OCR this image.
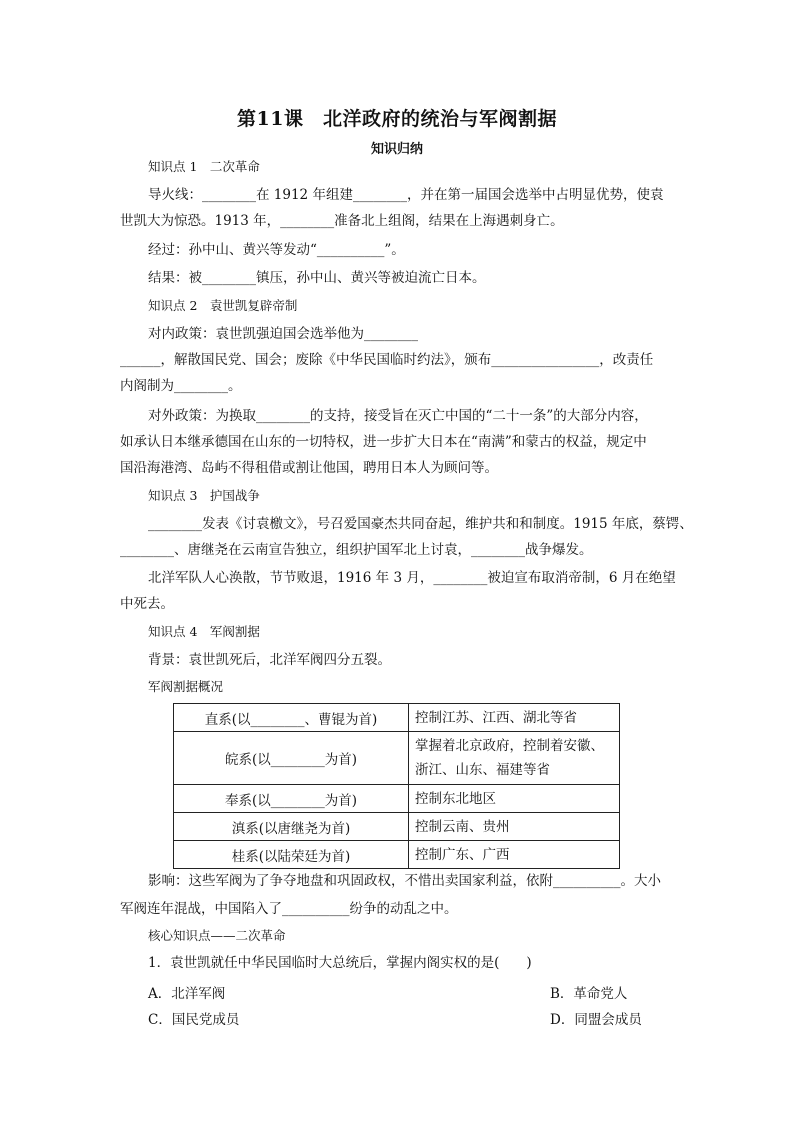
第11课　北洋政府的统治与军阀割据
知识归纳
知识点 1　二次革命
导火线：________在 1912 年组建________，并在第一届国会选举中占明显优势，使袁
世凯大为惊恐。1913 年，________准备北上组阁，结果在上海遇刺身亡。
经过：孙中山、黄兴等发动“__________”。
结果：被________镇压，孙中山、黄兴等被迫流亡日本。
知识点 2　袁世凯复辟帝制
对内政策：袁世凯强迫国会选举他为________
______，解散国民党、国会；废除《中华民国临时约法》，颁布________________，改责任
内阁制为________。
对外政策：为换取________的支持，接受旨在灭亡中国的“二十一条”的大部分内容，
如承认日本继承德国在山东的一切特权，进一步扩大日本在“南满”和蒙古的权益，规定中
国沿海港湾、岛屿不得租借或割让他国，聘用日本人为顾问等。
知识点 3　护国战争
________发表《讨袁檄文》，号召爱国豪杰共同奋起，维护共和和制度。1915 年底，蔡锷、
________、唐继尧在云南宣告独立，组织护国军北上讨袁，________战争爆发。
北洋军队人心涣散，节节败退，1916 年 3 月，________被迫宣布取消帝制，6 月在绝望
中死去。
知识点 4　军阀割据
背景：袁世凯死后，北洋军阀四分五裂。
军阀割据概况
直系(以________、曹锟为首)	控制江苏、江西、湖北等省
皖系(以________为首)	掌握着北京政府，控制着安徽、
浙江、山东、福建等省

奉系(以________为首)	控制东北地区
滇系(以唐继尧为首)	控制云南、贵州
桂系(以陆荣廷为首)	控制广东、广西
影响：这些军阀为了争夺地盘和巩固政权，不惜出卖国家利益，依附__________。大小
军阀连年混战，中国陷入了__________纷争的动乱之中。
核心知识点——二次革命
1．袁世凯就任中华民国临时大总统后，掌握内阁实权的是(　　)
A．北洋军阀	B．革命党人
C．国民党成员	D．同盟会成员
